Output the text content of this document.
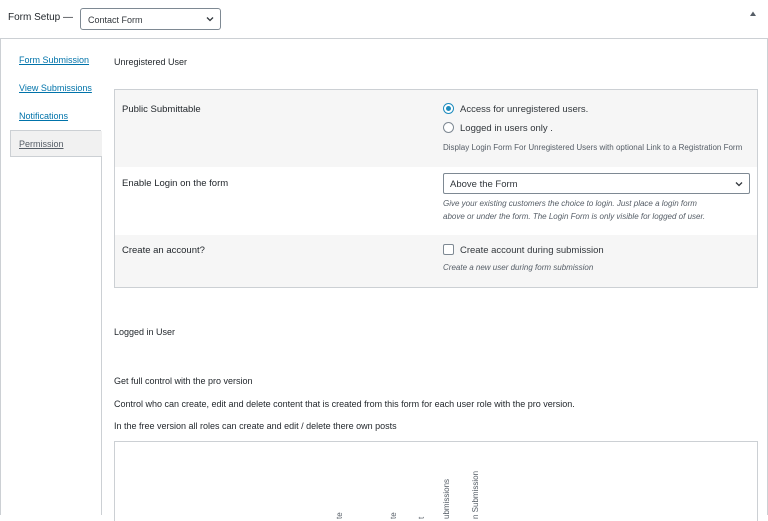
Form Setup — Contact Form
Form Submission
View Submissions
Notifications
Permission
Unregistered User
Public Submittable	Access for unregistered users.
Logged in users only .
Display Login Form For Unregistered Users with optional Link to a Registration Form
Enable Login on the form	Above the Form
Give your existing customers the choice to login. Just place a login form
above or under the form. The Login Form is only visible for logged of user.
Create an account?	Create account during submission
Create a new user during form submission
Logged in User
Get full control with the pro version
Control who can create, edit and delete content that is created from this form for each user role with the pro version.
In the free version all roles can create and edit / delete there own posts
te	te t ubmissions	n Submission
